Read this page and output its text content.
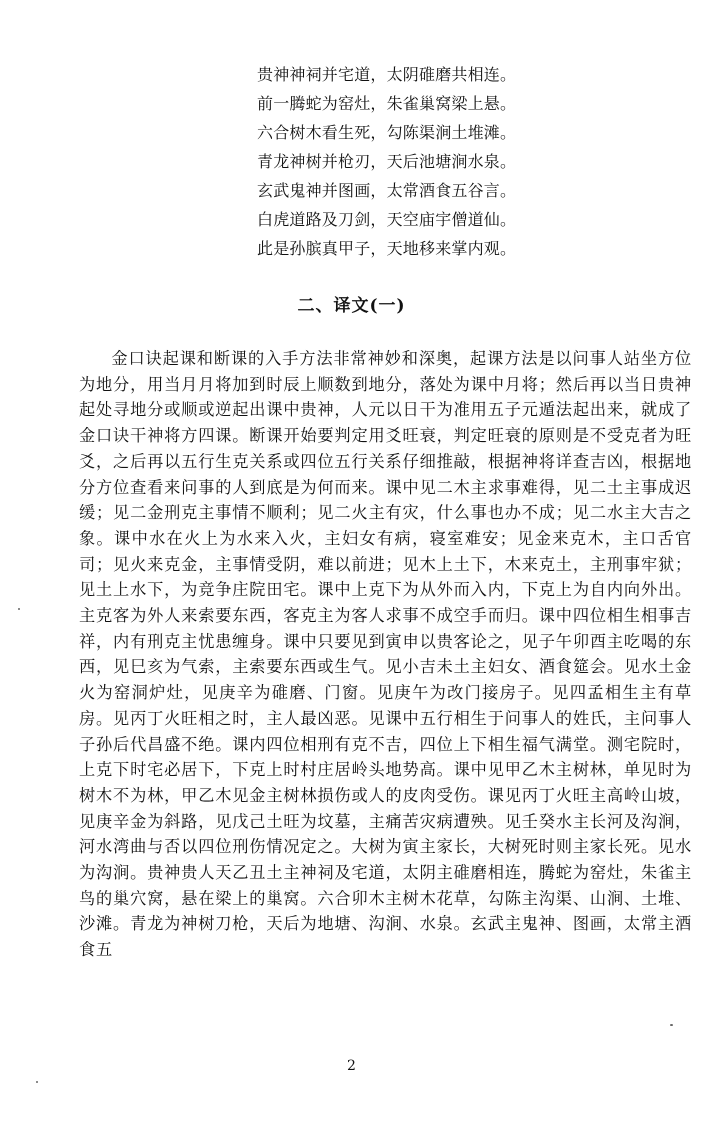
贵神神祠并宅道，太阴碓磨共相连。
前一腾蛇为窑灶，朱雀巢窝梁上悬。
六合树木看生死，勾陈渠涧土堆滩。
青龙神树并枪刃，天后池塘涧水泉。
玄武鬼神并图画，太常酒食五谷言。
白虎道路及刀剑，天空庙宇僧道仙。
此是孙膑真甲子，天地移来掌内观。
二、译文(一)

金口诀起课和断课的入手方法非常神妙和深奥，起课方法是以问事人站坐方位为地分，用当月月将加到时辰上顺数到地分，落处为课中月将；然后再以当日贵神起处寻地分或顺或逆起出课中贵神，人元以日干为准用五子元遁法起出来，就成了金口诀干神将方四课。断课开始要判定用爻旺衰，判定旺衰的原则是不受克者为旺爻，之后再以五行生克关系或四位五行关系仔细推敲，根据神将详查吉凶，根据地分方位查看来问事的人到底是为何而来。课中见二木主求事难得，见二土主事成迟缓；见二金刑克主事情不顺利；见二火主有灾，什么事也办不成；见二水主大吉之象。课中水在火上为水来入火，主妇女有病，寝室难安；见金来克木，主口舌官司；见火来克金，主事情受阴，难以前进；见木上土下，木来克土，主刑事牢狱；见土上水下，为竞争庄院田宅。课中上克下为从外而入内，下克上为自内向外出。主克客为外人来索要东西，客克主为客人求事不成空手而归。课中四位相生相事吉祥，内有刑克主忧患缠身。课中只要见到寅申以贵客论之，见子午卯酉主吃喝的东西，见巳亥为气索，主索要东西或生气。见小吉未土主妇女、酒食筵会。见水土金火为窑洞炉灶，见庚辛为碓磨、门窗。见庚午为改门接房子。见四孟相生主有草房。见丙丁火旺相之时，主人最凶恶。见课中五行相生于问事人的姓氏，主问事人子孙后代昌盛不绝。课内四位相刑有克不吉，四位上下相生福气满堂。测宅院时，上克下时宅必居下，下克上时村庄居岭头地势高。课中见甲乙木主树林，单见时为树木不为林，甲乙木见金主树林损伤或人的皮肉受伤。课见丙丁火旺主高岭山坡，见庚辛金为斜路，见戊己土旺为坟墓，主痛苦灾病遭殃。见壬癸水主长河及沟涧，河水湾曲与否以四位刑伤情况定之。大树为寅主家长，大树死时则主家长死。见水为沟涧。贵神贵人天乙丑土主神祠及宅道，太阴主碓磨相连，腾蛇为窑灶，朱雀主鸟的巢穴窝，悬在梁上的巢窝。六合卯木主树木花草，勾陈主沟渠、山涧、土堆、沙滩。青龙为神树刀枪，天后为地塘、沟涧、水泉。玄武主鬼神、图画，太常主酒食五

2
